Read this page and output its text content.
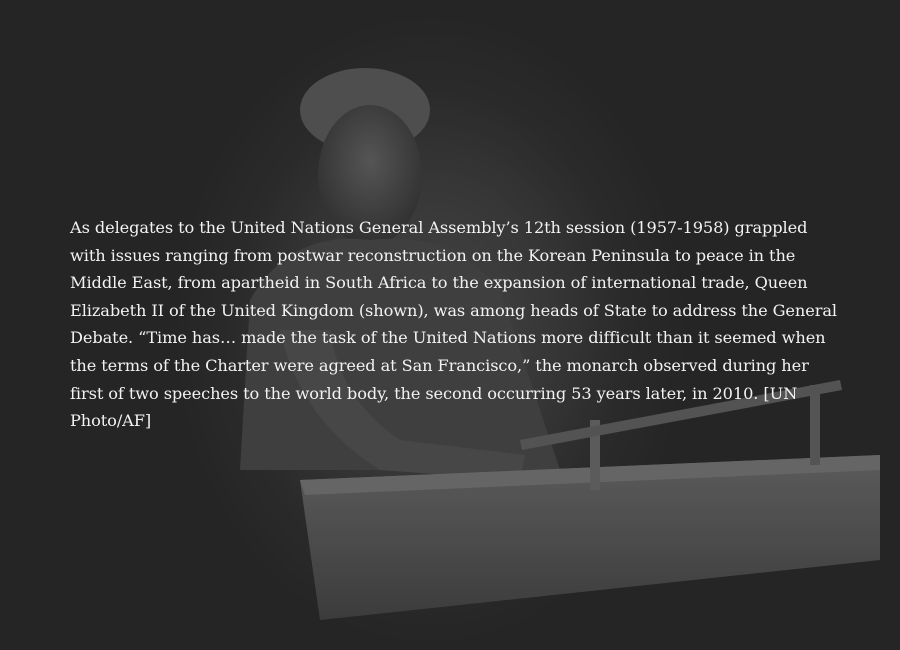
As delegates to the United Nations General Assembly’s 12th session (1957-1958) grappled with issues ranging from postwar reconstruction on the Korean Peninsula to peace in the Middle East, from apartheid in South Africa to the expansion of international trade, Queen Elizabeth II of the United Kingdom (shown), was among heads of State to address the General Debate. “Time has… made the task of the United Nations more difficult than it seemed when the terms of the Charter were agreed at San Francisco,” the monarch observed during her first of two speeches to the world body, the second occurring 53 years later, in 2010. [UN Photo/AF]
